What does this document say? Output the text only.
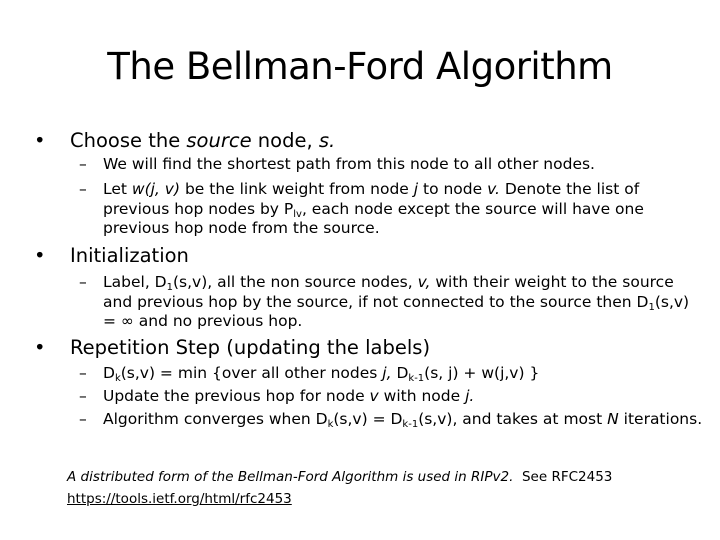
The Bellman-Ford Algorithm
• Choose the source node, s.
– We will find the shortest path from this node to all other nodes.
– Let w(j, v) be the link weight from node j to node v. Denote the list of previous hop nodes by $P_{lv}$, each node except the source will have one previous hop node from the source.
• Initialization
– Label, $D_1(s,v)$, all the non source nodes, v, with their weight to the source and previous hop by the source, if not connected to the source then $D_1(s,v)$ = ∞ and no previous hop.
• Repetition Step (updating the labels)
– $D_k(s,v) = \min$ {over all other nodes j, $D_{k-1}(s$, j) + w(j,v) }
– Update the previous hop for node v with node j.
– Algorithm converges when $D_k(s,v) = D_{k-1}(s,v)$, and takes at most N iterations.
A distributed form of the Bellman-Ford Algorithm is used in RIPv2.  See RFC2453
https://tools.ietf.org/html/rfc2453
